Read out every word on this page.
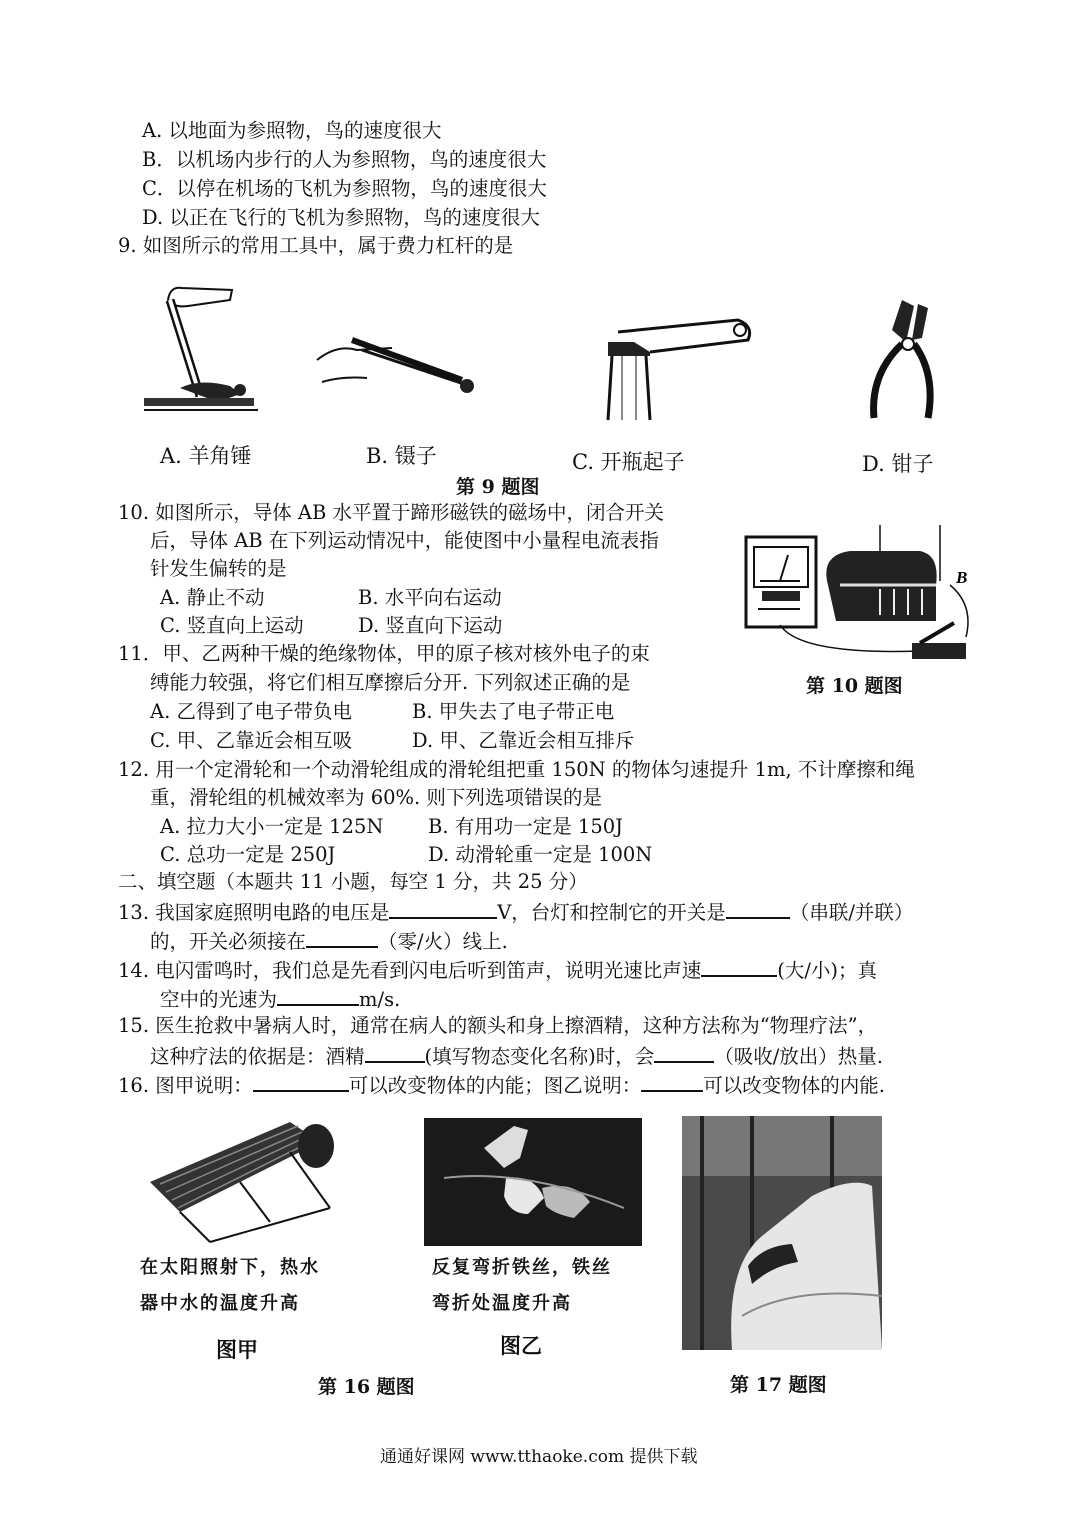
A. 以地面为参照物，鸟的速度很大
B．以机场内步行的人为参照物，鸟的速度很大
C．以停在机场的飞机为参照物，鸟的速度很大
D. 以正在飞行的飞机为参照物，鸟的速度很大
9. 如图所示的常用工具中，属于费力杠杆的是
A. 羊角锤	B. 镊子	C. 开瓶起子	D. 钳子
第 9 题图
10. 如图所示，导体 AB 水平置于蹄形磁铁的磁场中，闭合开关
后，导体 AB 在下列运动情况中，能使图中小量程电流表指
针发生偏转的是
A. 静止不动	B. 水平向右运动
C. 竖直向上运动	D. 竖直向下运动
B
第 10 题图
11．甲、乙两种干燥的绝缘物体，甲的原子核对核外电子的束
缚能力较强，将它们相互摩擦后分开. 下列叙述正确的是
A. 乙得到了电子带负电	B. 甲失去了电子带正电
C. 甲、乙靠近会相互吸	D. 甲、乙靠近会相互排斥
12. 用一个定滑轮和一个动滑轮组成的滑轮组把重 150N 的物体匀速提升 1m, 不计摩擦和绳
重，滑轮组的机械效率为 60%. 则下列选项错误的是
A. 拉力大小一定是 125N B. 有用功一定是 150J
C. 总功一定是 250J	D. 动滑轮重一定是 100N
二、填空题（本题共 11 小题，每空 1 分，共 25 分）
13. 我国家庭照明电路的电压是	V，台灯和控制它的开关是	（串联/并联）
的，开关必须接在	（零/火）线上.
14. 电闪雷鸣时，我们总是先看到闪电后听到笛声，说明光速比声速	(大/小)；真
空中的光速为	m/s.
15. 医生抢救中暑病人时，通常在病人的额头和身上擦酒精，这种方法称为“物理疗法”，
这种疗法的依据是：酒精	(填写物态变化名称)时，会	（吸收/放出）热量.
16. 图甲说明：	可以改变物体的内能；图乙说明：	可以改变物体的内能.
在太阳照射下，热水
器中水的温度升高
图甲
反复弯折铁丝，铁丝
弯折处温度升高
图乙
第 16 题图	第 17 题图
通通好课网 www.tthaoke.com 提供下载
